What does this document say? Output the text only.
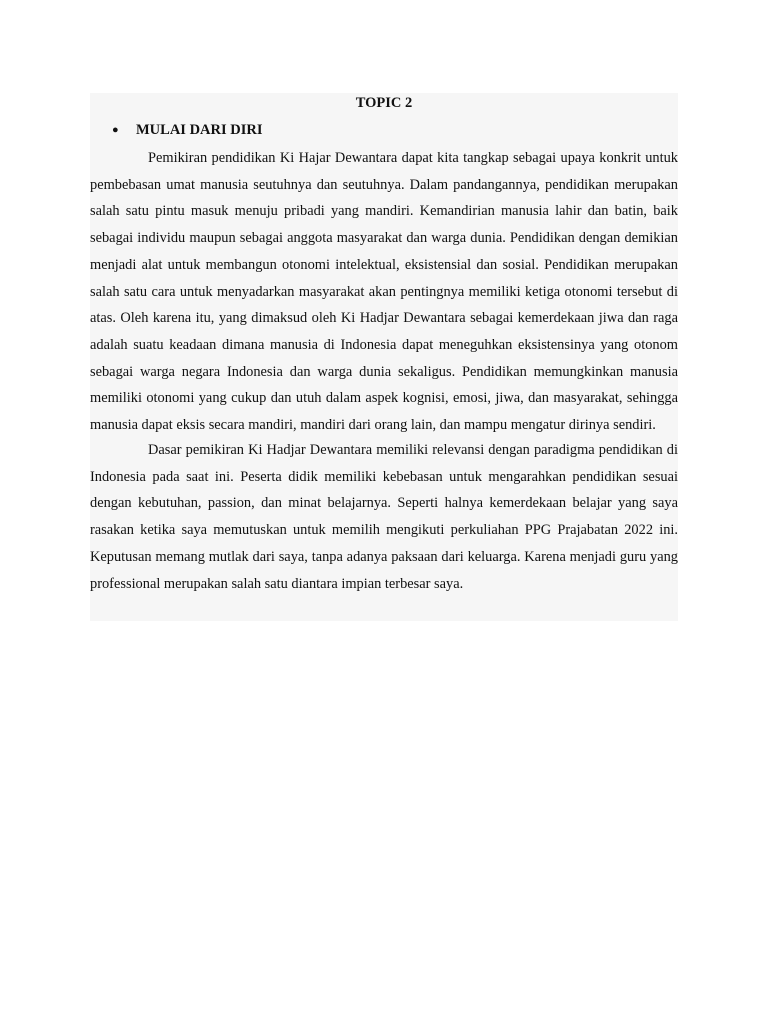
TOPIC 2
● MULAI DARI DIRI

Pemikiran pendidikan Ki Hajar Dewantara dapat kita tangkap sebagai upaya konkrit untuk pembebasan umat manusia seutuhnya dan seutuhnya. Dalam pandangannya, pendidikan merupakan salah satu pintu masuk menuju pribadi yang mandiri. Kemandirian manusia lahir dan batin, baik sebagai individu maupun sebagai anggota masyarakat dan warga dunia. Pendidikan dengan demikian menjadi alat untuk membangun otonomi intelektual, eksistensial dan sosial. Pendidikan merupakan salah satu cara untuk menyadarkan masyarakat akan pentingnya memiliki ketiga otonomi tersebut di atas. Oleh karena itu, yang dimaksud oleh Ki Hadjar Dewantara sebagai kemerdekaan jiwa dan raga adalah suatu keadaan dimana manusia di Indonesia dapat meneguhkan eksistensinya yang otonom sebagai warga negara Indonesia dan warga dunia sekaligus. Pendidikan memungkinkan manusia memiliki otonomi yang cukup dan utuh dalam aspek kognisi, emosi, jiwa, dan masyarakat, sehingga manusia dapat eksis secara mandiri, mandiri dari orang lain, dan mampu mengatur dirinya sendiri.

Dasar pemikiran Ki Hadjar Dewantara memiliki relevansi dengan paradigma pendidikan di Indonesia pada saat ini. Peserta didik memiliki kebebasan untuk mengarahkan pendidikan sesuai dengan kebutuhan, passion, dan minat belajarnya. Seperti halnya kemerdekaan belajar yang saya rasakan ketika saya memutuskan untuk memilih mengikuti perkuliahan PPG Prajabatan 2022 ini. Keputusan memang mutlak dari saya, tanpa adanya paksaan dari keluarga. Karena menjadi guru yang professional merupakan salah satu diantara impian terbesar saya.
